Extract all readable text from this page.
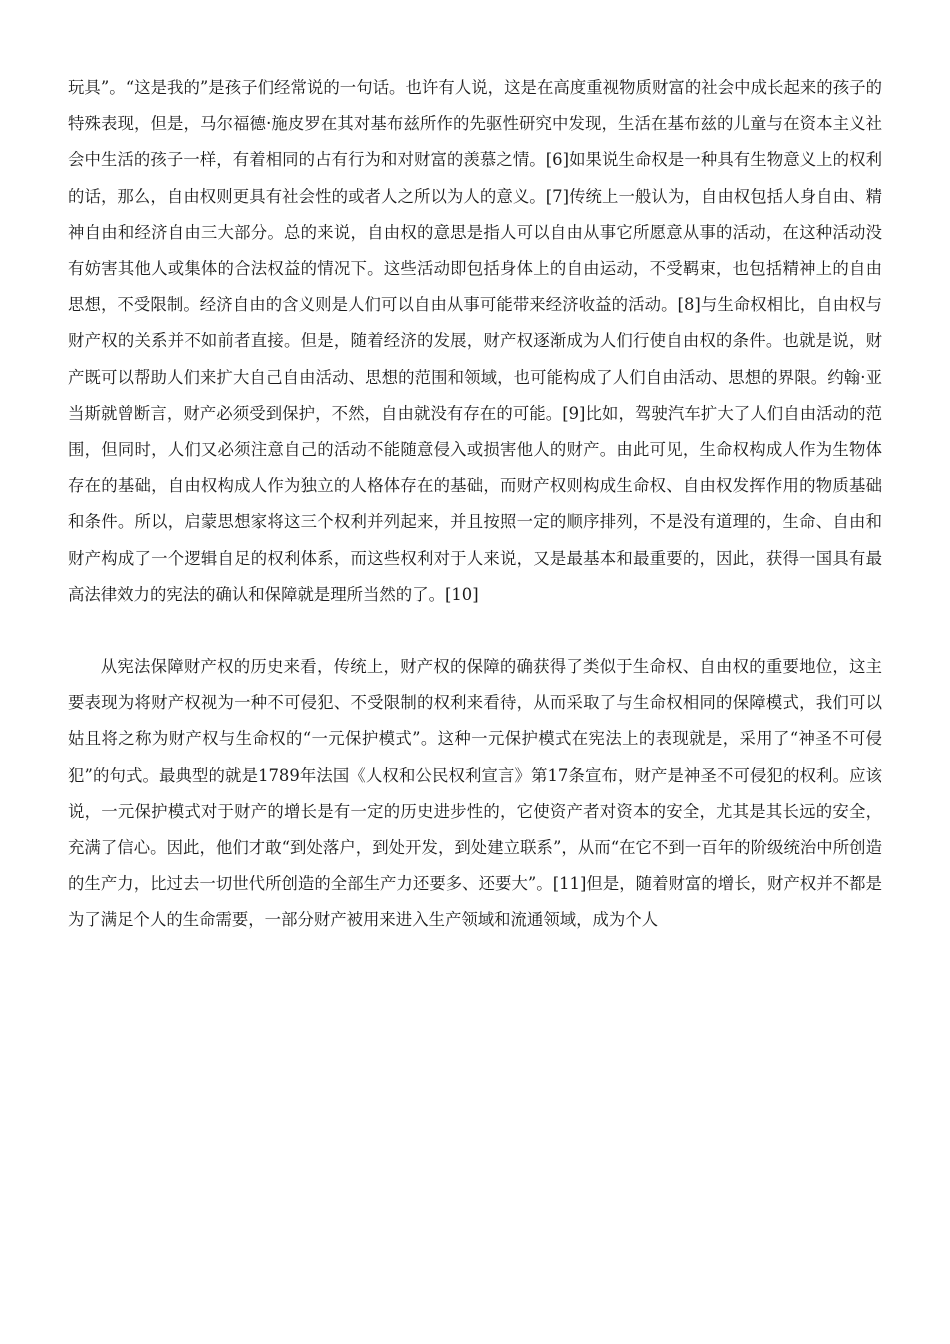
玩具”。“这是我的”是孩子们经常说的一句话。也许有人说，这是在高度重视物质财富的社会中成长起来的孩子的特殊表现，但是，马尔福德·施皮罗在其对基布兹所作的先驱性研究中发现，生活在基布兹的儿童与在资本主义社会中生活的孩子一样，有着相同的占有行为和对财富的羡慕之情。[6]如果说生命权是一种具有生物意义上的权利的话，那么，自由权则更具有社会性的或者人之所以为人的意义。[7]传统上一般认为，自由权包括人身自由、精神自由和经济自由三大部分。总的来说，自由权的意思是指人可以自由从事它所愿意从事的活动，在这种活动没有妨害其他人或集体的合法权益的情况下。这些活动即包括身体上的自由运动，不受羁束，也包括精神上的自由思想，不受限制。经济自由的含义则是人们可以自由从事可能带来经济收益的活动。[8]与生命权相比，自由权与财产权的关系并不如前者直接。但是，随着经济的发展，财产权逐渐成为人们行使自由权的条件。也就是说，财产既可以帮助人们来扩大自己自由活动、思想的范围和领域，也可能构成了人们自由活动、思想的界限。约翰·亚当斯就曾断言，财产必须受到保护，不然，自由就没有存在的可能。[9]比如，驾驶汽车扩大了人们自由活动的范围，但同时，人们又必须注意自己的活动不能随意侵入或损害他人的财产。由此可见，生命权构成人作为生物体存在的基础，自由权构成人作为独立的人格体存在的基础，而财产权则构成生命权、自由权发挥作用的物质基础和条件。所以，启蒙思想家将这三个权利并列起来，并且按照一定的顺序排列，不是没有道理的，生命、自由和财产构成了一个逻辑自足的权利体系，而这些权利对于人来说，又是最基本和最重要的，因此，获得一国具有最高法律效力的宪法的确认和保障就是理所当然的了。[10]

从宪法保障财产权的历史来看，传统上，财产权的保障的确获得了类似于生命权、自由权的重要地位，这主要表现为将财产权视为一种不可侵犯、不受限制的权利来看待，从而采取了与生命权相同的保障模式，我们可以姑且将之称为财产权与生命权的“一元保护模式”。这种一元保护模式在宪法上的表现就是，采用了“神圣不可侵犯”的句式。最典型的就是1789年法国《人权和公民权利宣言》第17条宣布，财产是神圣不可侵犯的权利。应该说，一元保护模式对于财产的增长是有一定的历史进步性的，它使资产者对资本的安全，尤其是其长远的安全，充满了信心。因此，他们才敢“到处落户，到处开发，到处建立联系”，从而“在它不到一百年的阶级统治中所创造的生产力，比过去一切世代所创造的全部生产力还要多、还要大”。[11]但是，随着财富的增长，财产权并不都是为了满足个人的生命需要，一部分财产被用来进入生产领域和流通领域，成为个人
